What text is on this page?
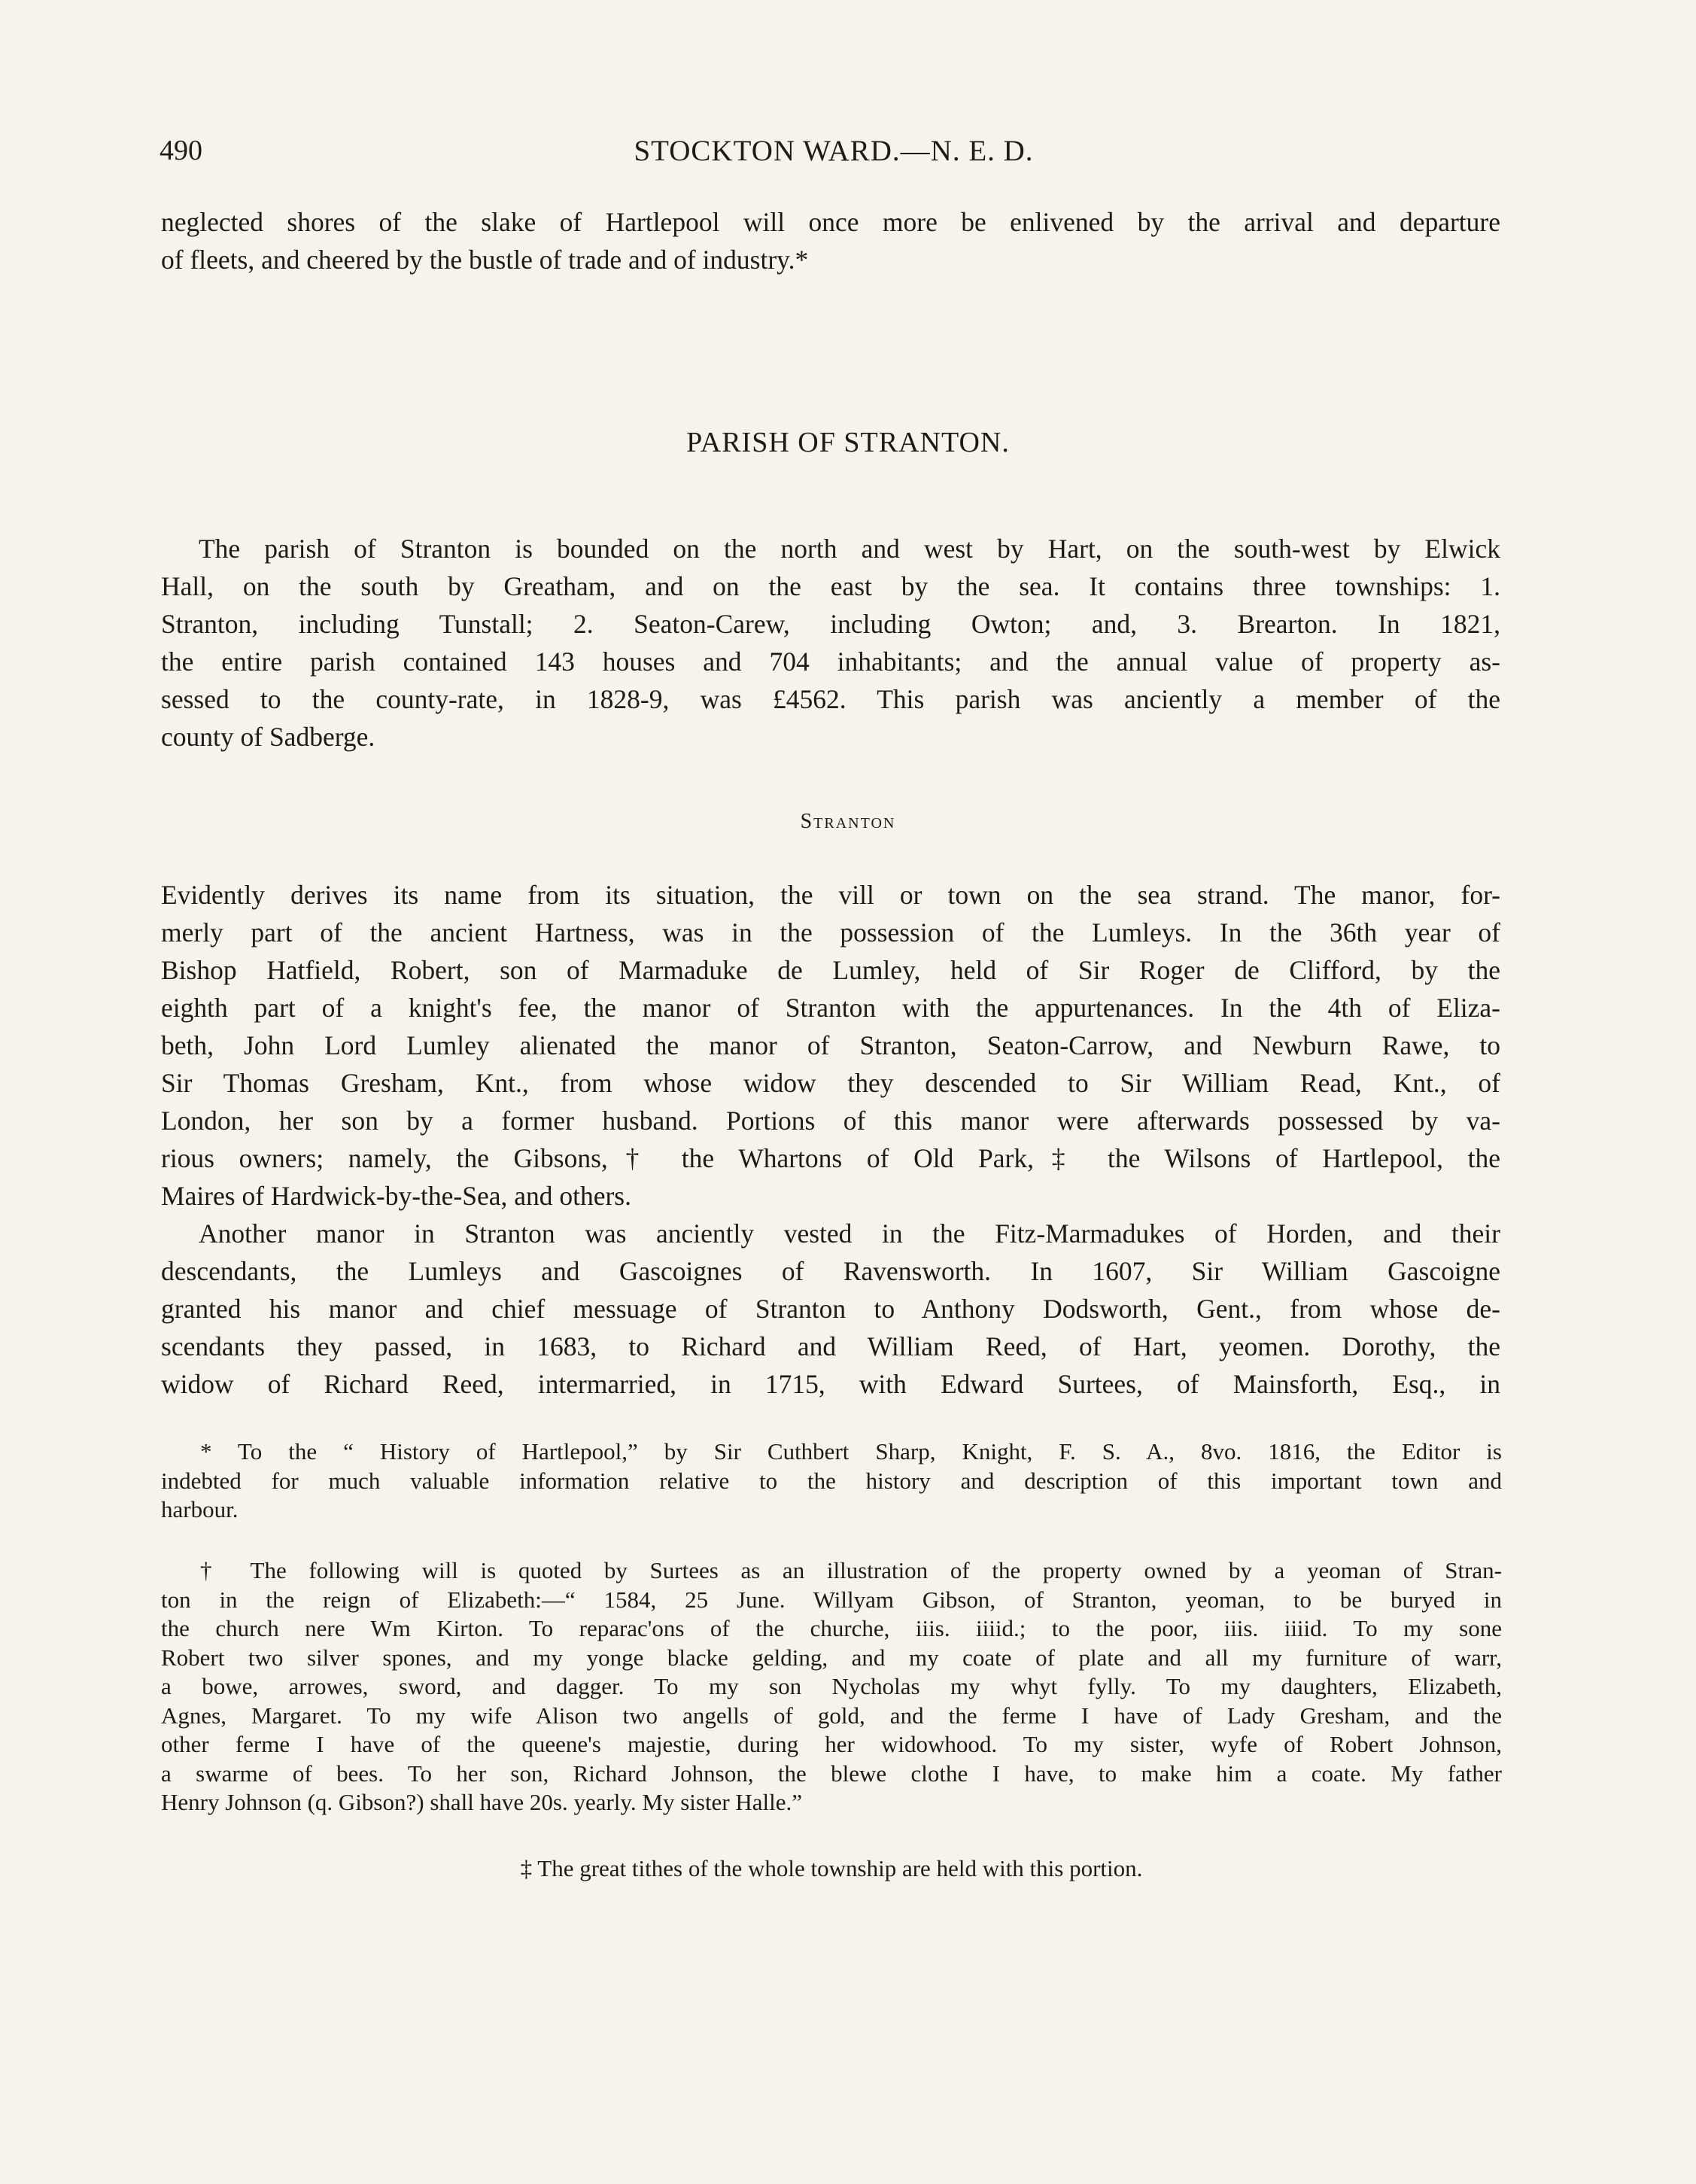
490	STOCKTON WARD.—N. E. D.
neglected shores of the slake of Hartlepool will once more be enlivened by the arrival and departure
of fleets, and cheered by the bustle of trade and of industry.*
PARISH OF STRANTON.
The parish of Stranton is bounded on the north and west by Hart, on the south-west by Elwick
Hall, on the south by Greatham, and on the east by the sea. It contains three townships: 1.
Stranton, including Tunstall; 2. Seaton-Carew, including Owton; and, 3. Brearton. In 1821,
the entire parish contained 143 houses and 704 inhabitants; and the annual value of property as-
sessed to the county-rate, in 1828-9, was £4562. This parish was anciently a member of the
county of Sadberge.
Stranton
Evidently derives its name from its situation, the vill or town on the sea strand. The manor, for-
merly part of the ancient Hartness, was in the possession of the Lumleys. In the 36th year of
Bishop Hatfield, Robert, son of Marmaduke de Lumley, held of Sir Roger de Clifford, by the
eighth part of a knight's fee, the manor of Stranton with the appurtenances. In the 4th of Eliza-
beth, John Lord Lumley alienated the manor of Stranton, Seaton-Carrow, and Newburn Rawe, to
Sir Thomas Gresham, Knt., from whose widow they descended to Sir William Read, Knt., of
London, her son by a former husband. Portions of this manor were afterwards possessed by va-
rious owners; namely, the Gibsons,† the Whartons of Old Park,‡ the Wilsons of Hartlepool, the
Maires of Hardwick-by-the-Sea, and others.
Another manor in Stranton was anciently vested in the Fitz-Marmadukes of Horden, and their
descendants, the Lumleys and Gascoignes of Ravensworth. In 1607, Sir William Gascoigne
granted his manor and chief messuage of Stranton to Anthony Dodsworth, Gent., from whose de-
scendants they passed, in 1683, to Richard and William Reed, of Hart, yeomen. Dorothy, the
widow of Richard Reed, intermarried, in 1715, with Edward Surtees, of Mainsforth, Esq., in
* To the “ History of Hartlepool,” by Sir Cuthbert Sharp, Knight, F. S. A., 8vo. 1816, the Editor is
indebted for much valuable information relative to the history and description of this important town and
harbour.
† The following will is quoted by Surtees as an illustration of the property owned by a yeoman of Stran-
ton in the reign of Elizabeth:—“ 1584, 25 June. Willyam Gibson, of Stranton, yeoman, to be buryed in
the church nere Wm Kirton. To reparac'ons of the churche, iiis. iiiid.; to the poor, iiis. iiiid. To my sone
Robert two silver spones, and my yonge blacke gelding, and my coate of plate and all my furniture of warr,
a bowe, arrowes, sword, and dagger. To my son Nycholas my whyt fylly. To my daughters, Elizabeth,
Agnes, Margaret. To my wife Alison two angells of gold, and the ferme I have of Lady Gresham, and the
other ferme I have of the queene's majestie, during her widowhood. To my sister, wyfe of Robert Johnson,
a swarme of bees. To her son, Richard Johnson, the blewe clothe I have, to make him a coate. My father
Henry Johnson (q. Gibson?) shall have 20s. yearly. My sister Halle.”
‡ The great tithes of the whole township are held with this portion.
